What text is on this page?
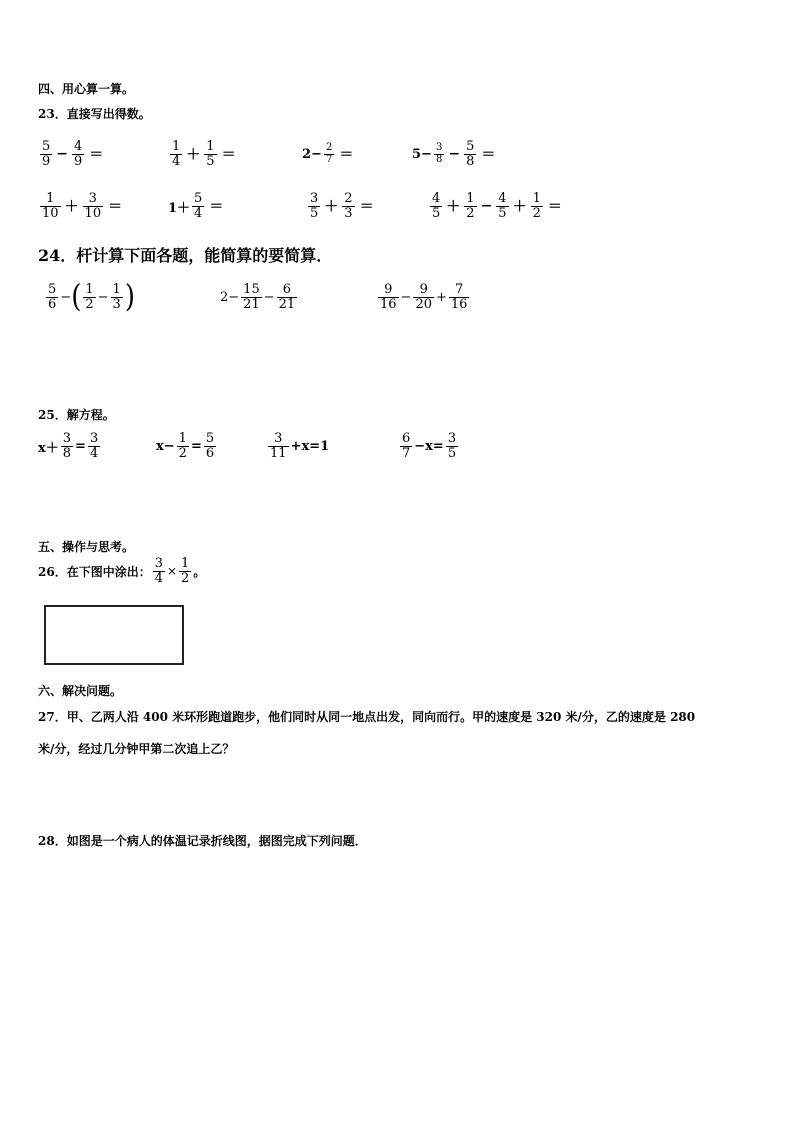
四、用心算一算。
23．直接写出得数。
$\frac{5}{9} - \frac{4}{9}$ ＝	$\frac{1}{4} + \frac{1}{5}$ ＝	$2- \frac{2}{7}$ ＝	$5- \frac{3}{8} - \frac{5}{8}$ ＝
$\frac{1}{10} + \frac{3}{10}$ ＝	$1+ \frac{5}{4}$ ＝	$\frac{3}{5} + \frac{2}{3}$ ＝	$\frac{4}{5} + \frac{1}{2} - \frac{4}{5} + \frac{1}{2}$ ＝
24．杆计算下面各题，能简算的要简算．
$\frac{5}{6}$ − ( $\frac{1}{2} - \frac{1}{3}$ )	$2- \frac{15}{21} - \frac{6}{21}$	$\frac{9}{16} - \frac{9}{20} + \frac{7}{16}$
25．解方程。
$x+ \frac{3}{8} = \frac{3}{4}$	$x- \frac{1}{2} = \frac{5}{6}$	$\frac{3}{11} +x=1$	$\frac{6}{7} -x= \frac{3}{5}$
五、操作与思考。
26．在下图中涂出： $\frac{3}{4} \times \frac{1}{2}$ 。
六、解决问题。
27．甲、乙两人沿 400 米环形跑道跑步，他们同时从同一地点出发，同向而行。甲的速度是 320 米/分，乙的速度是 280
米/分，经过几分钟甲第二次追上乙？
28．如图是一个病人的体温记录折线图，据图完成下列问题．
